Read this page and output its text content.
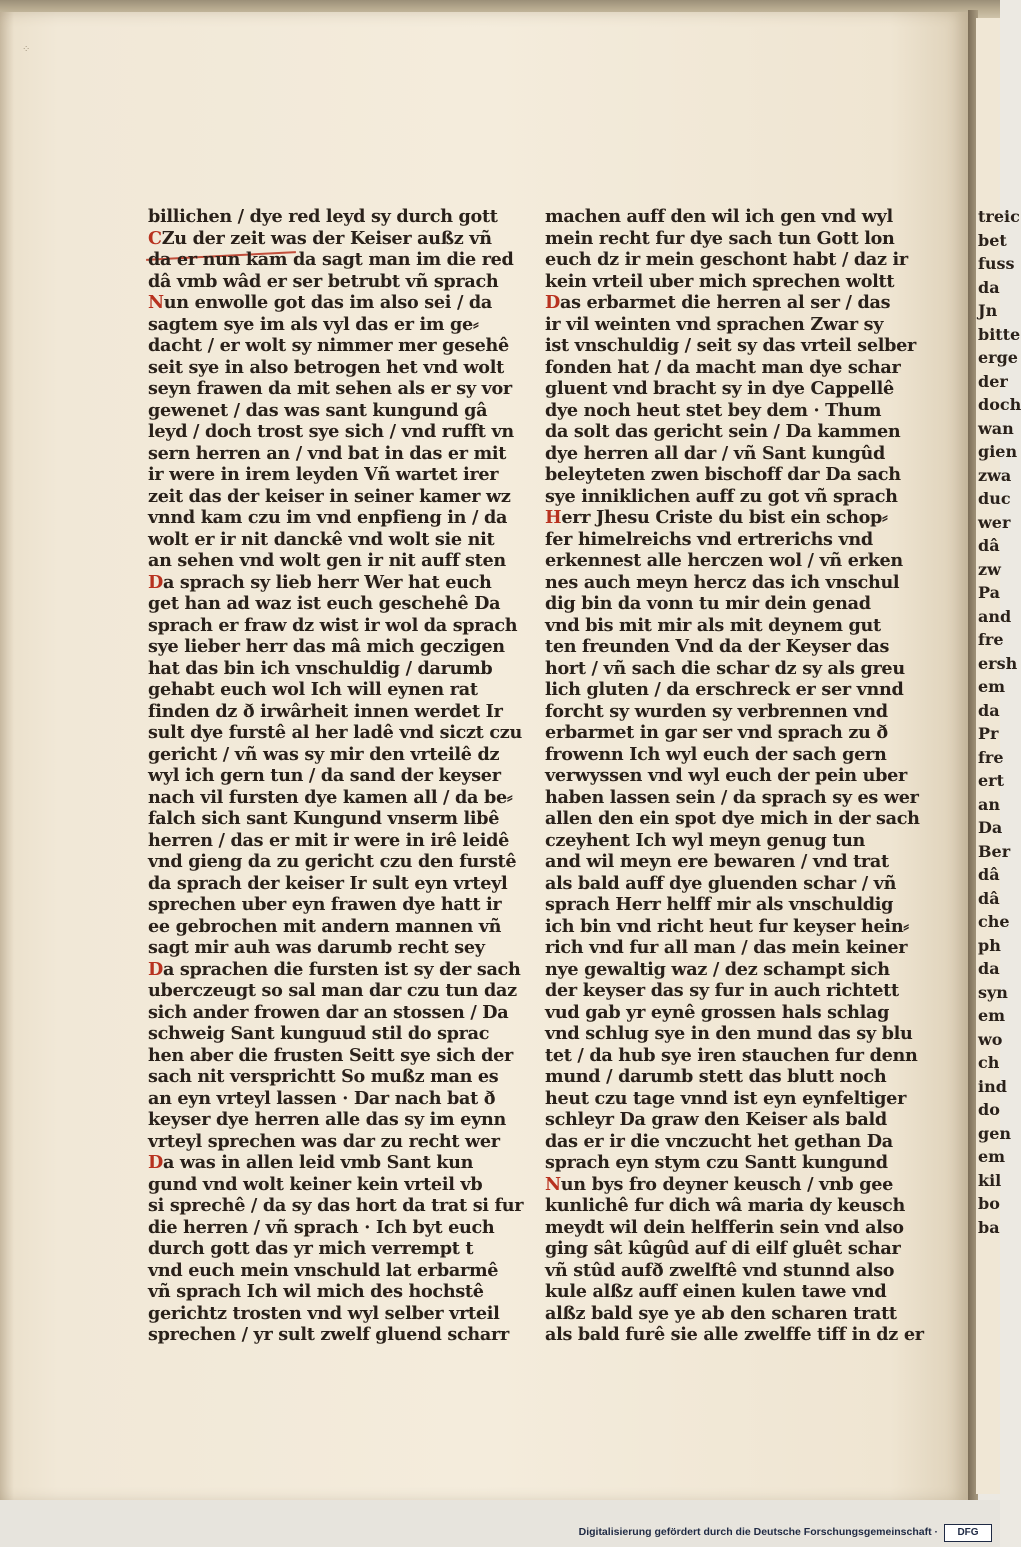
treic
bet
fuss
da
Jn
bitte
erge
der
doch
wan
gien
zwa
duc
wer
dâ
zw
Pa
and
fre
ersh
em
da
Pr
fre
ert
an
Da
Ber
dâ
dâ
che
ph
da
syn
em
wo
ch
ind
do
gen
em
kil
bo
ba
⁘
billichen / dye red leyd sy durch gott
CZu der zeit was der Keiser außz vñ
da er nun kam da sagt man im die red
dâ vmb wâd er ser betrubt vñ sprach
Nun enwolle got das im also sei / da
sagtem sye im als vyl das er im ge⸗
dacht / er wolt sy nimmer mer gesehê
seit sye in also betrogen het vnd wolt
seyn frawen da mit sehen als er sy vor
gewenet / das was sant kungund gâ
leyd / doch trost sye sich / vnd rufft vn
sern herren an / vnd bat in das er mit
ir were in irem leyden Vñ wartet irer
zeit das der keiser in seiner kamer wz
vnnd kam czu im vnd enpfieng in / da
wolt er ir nit danckê vnd wolt sie nit
an sehen vnd wolt gen ir nit auff sten
Da sprach sy lieb herr Wer hat euch
get han ad waz ist euch geschehê Da
sprach er fraw dz wist ir wol da sprach
sye lieber herr das mâ mich geczigen
hat das bin ich vnschuldig / darumb
gehabt euch wol Ich will eynen rat
finden dz ð irwârheit innen werdet Ir
sult dye furstê al her ladê vnd siczt czu
gericht / vñ was sy mir den vrteilê dz
wyl ich gern tun / da sand der keyser
nach vil fursten dye kamen all / da be⸗
falch sich sant Kungund vnserm libê
herren / das er mit ir were in irê leidê
vnd gieng da zu gericht czu den furstê
da sprach der keiser Ir sult eyn vrteyl
sprechen uber eyn frawen dye hatt ir
ee gebrochen mit andern mannen vñ
sagt mir auh was darumb recht sey
Da sprachen die fursten ist sy der sach
uberczeugt so sal man dar czu tun daz
sich ander frowen dar an stossen / Da
schweig Sant kunguud stil do sprac
hen aber die frusten Seitt sye sich der
sach nit versprichtt So mußz man es
an eyn vrteyl lassen · Dar nach bat ð
keyser dye herren alle das sy im eynn
vrteyl sprechen was dar zu recht wer
Da was in allen leid vmb Sant kun
gund vnd wolt keiner kein vrteil vb
si sprechê / da sy das hort da trat si fur
die herren / vñ sprach · Ich byt euch
durch gott das yr mich verrempt t
vnd euch mein vnschuld lat erbarmê
vñ sprach Ich wil mich des hochstê
gerichtz trosten vnd wyl selber vrteil
sprechen / yr sult zwelf gluend scharr
machen auff den wil ich gen vnd wyl
mein recht fur dye sach tun Gott lon
euch dz ir mein geschont habt / daz ir
kein vrteil uber mich sprechen woltt
Das erbarmet die herren al ser / das
ir vil weinten vnd sprachen Zwar sy
ist vnschuldig / seit sy das vrteil selber
fonden hat / da macht man dye schar
gluent vnd bracht sy in dye Cappellê
dye noch heut stet bey dem · Thum
da solt das gericht sein / Da kammen
dye herren all dar / vñ Sant kungûd
beleyteten zwen bischoff dar Da sach
sye inniklichen auff zu got vñ sprach
Herr Jhesu Criste du bist ein schop⸗
fer himelreichs vnd ertrerichs vnd
erkennest alle herczen wol / vñ erken
nes auch meyn hercz das ich vnschul
dig bin da vonn tu mir dein genad
vnd bis mit mir als mit deynem gut
ten freunden Vnd da der Keyser das
hort / vñ sach die schar dz sy als greu
lich gluten / da erschreck er ser vnnd
forcht sy wurden sy verbrennen vnd
erbarmet in gar ser vnd sprach zu ð
frowenn Ich wyl euch der sach gern
verwyssen vnd wyl euch der pein uber
haben lassen sein / da sprach sy es wer
allen den ein spot dye mich in der sach
czeyhent Ich wyl meyn genug tun
and wil meyn ere bewaren / vnd trat
als bald auff dye gluenden schar / vñ
sprach Herr helff mir als vnschuldig
ich bin vnd richt heut fur keyser hein⸗
rich vnd fur all man / das mein keiner
nye gewaltig waz / dez schampt sich
der keyser das sy fur in auch richtett
vud gab yr eynê grossen hals schlag
vnd schlug sye in den mund das sy blu
tet / da hub sye iren stauchen fur denn
mund / darumb stett das blutt noch
heut czu tage vnnd ist eyn eynfeltiger
schleyr Da graw den Keiser als bald
das er ir die vnczucht het gethan Da
sprach eyn stym czu Santt kungund
Nun bys fro deyner keusch / vnb gee
kunlichê fur dich wâ maria dy keusch
meydt wil dein helfferin sein vnd also
ging sât kûgûd auf di eilf gluêt schar
vñ stûd aufð zwelftê vnd stunnd also
kule alßz auff einen kulen tawe vnd
alßz bald sye ye ab den scharen tratt
als bald furê sie alle zwelffe tiff in dz er
Digitalisierung gefördert durch die Deutsche Forschungsgemeinschaft ·	DFG
